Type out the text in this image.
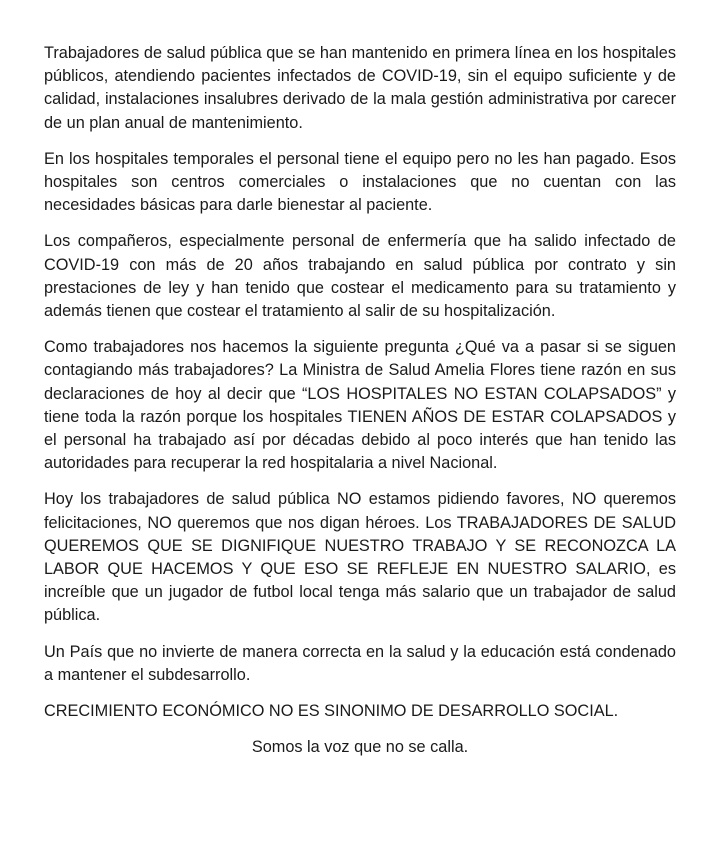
Trabajadores de salud pública que se han mantenido en primera línea en los hospitales públicos, atendiendo pacientes infectados de COVID-19, sin el equipo suficiente y de calidad, instalaciones insalubres derivado de la mala gestión administrativa por carecer de un plan anual de mantenimiento.

En los hospitales temporales el personal tiene el equipo pero no les han pagado. Esos hospitales son centros comerciales o instalaciones que no cuentan con las necesidades básicas para darle bienestar al paciente.

Los compañeros, especialmente personal de enfermería que ha salido infectado de COVID-19 con más de 20 años trabajando en salud pública por contrato y sin prestaciones de ley y han tenido que costear el medicamento para su tratamiento y además tienen que costear el tratamiento al salir de su hospitalización.

Como trabajadores nos hacemos la siguiente pregunta ¿Qué va a pasar si se siguen contagiando más trabajadores? La Ministra de Salud Amelia Flores tiene razón en sus declaraciones de hoy al decir que “LOS HOSPITALES NO ESTAN COLAPSADOS” y tiene toda la razón porque los hospitales TIENEN AÑOS DE ESTAR COLAPSADOS y el personal ha trabajado así por décadas debido al poco interés que han tenido las autoridades para recuperar la red hospitalaria a nivel Nacional.

Hoy los trabajadores de salud pública NO estamos pidiendo favores, NO queremos felicitaciones, NO queremos que nos digan héroes. Los TRABAJADORES DE SALUD QUEREMOS QUE SE DIGNIFIQUE NUESTRO TRABAJO Y SE RECONOZCA LA LABOR QUE HACEMOS Y QUE ESO SE REFLEJE EN NUESTRO SALARIO, es increíble que un jugador de futbol local tenga más salario que un trabajador de salud pública.

Un País que no invierte de manera correcta en la salud y la educación está condenado a mantener el subdesarrollo.

CRECIMIENTO ECONÓMICO NO ES SINONIMO DE DESARROLLO SOCIAL.

Somos la voz que no se calla.
